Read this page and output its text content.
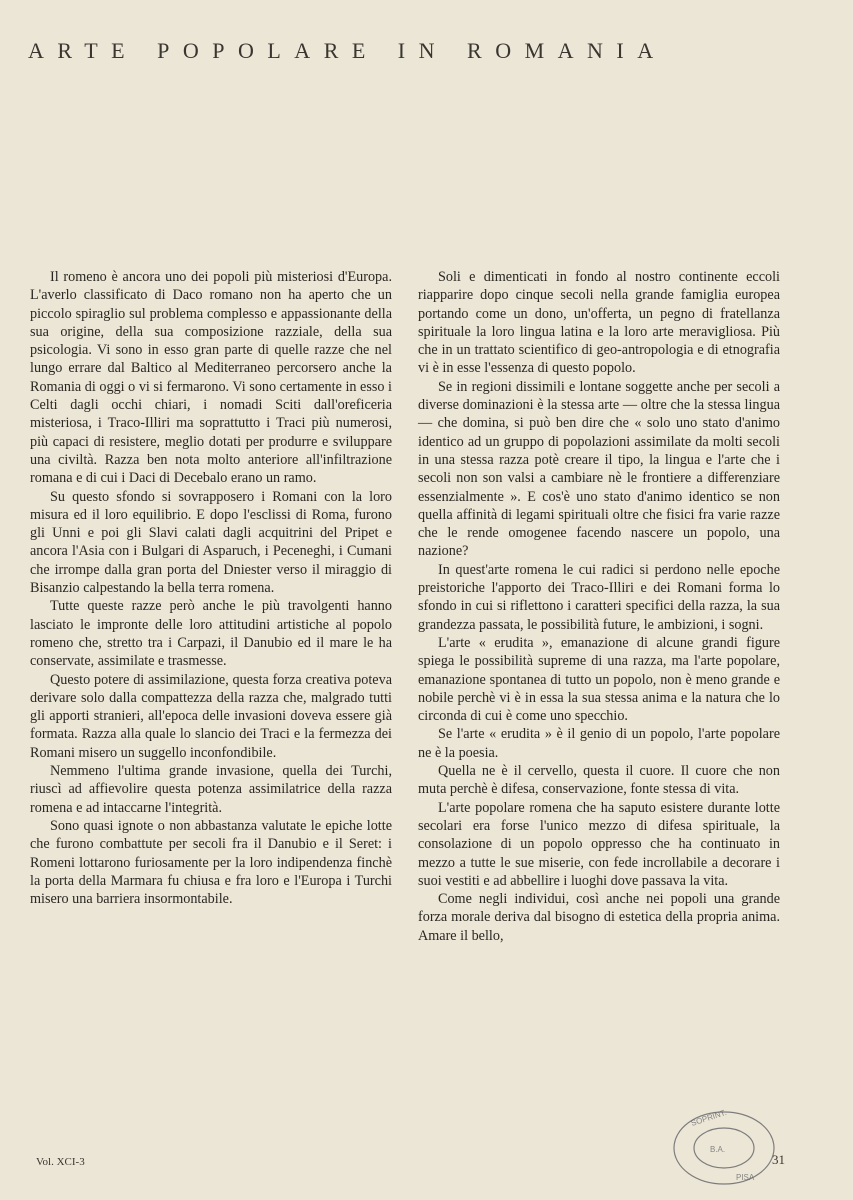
ARTE POPOLARE IN ROMANIA

Il romeno è ancora uno dei popoli più misteriosi d'Europa. L'averlo classificato di Daco romano non ha aperto che un piccolo spiraglio sul problema complesso e appassionante della sua origine, della sua composizione razziale, della sua psicologia. Vi sono in esso gran parte di quelle razze che nel lungo errare dal Baltico al Mediterraneo percorsero anche la Romania di oggi o vi si fermarono. Vi sono certamente in esso i Celti dagli occhi chiari, i nomadi Sciti dall'oreficeria misteriosa, i Traco-Illiri ma soprattutto i Traci più numerosi, più capaci di resistere, meglio dotati per produrre e sviluppare una civiltà. Razza ben nota molto anteriore all'infiltrazione romana e di cui i Daci di Decebalo erano un ramo.

Su questo sfondo si sovrapposero i Romani con la loro misura ed il loro equilibrio. E dopo l'esclissi di Roma, furono gli Unni e poi gli Slavi calati dagli acquitrini del Pripet e ancora l'Asia con i Bulgari di Asparuch, i Peceneghi, i Cumani che irrompe dalla gran porta del Dniester verso il miraggio di Bisanzio calpestando la bella terra romena.

Tutte queste razze però anche le più travolgenti hanno lasciato le impronte delle loro attitudini artistiche al popolo romeno che, stretto tra i Carpazi, il Danubio ed il mare le ha conservate, assimilate e trasmesse.

Questo potere di assimilazione, questa forza creativa poteva derivare solo dalla compattezza della razza che, malgrado tutti gli apporti stranieri, all'epoca delle invasioni doveva essere già formata. Razza alla quale lo slancio dei Traci e la fermezza dei Romani misero un suggello inconfondibile.

Nemmeno l'ultima grande invasione, quella dei Turchi, riuscì ad affievolire questa potenza assimilatrice della razza romena e ad intaccarne l'integrità.

Sono quasi ignote o non abbastanza valutate le epiche lotte che furono combattute per secoli fra il Danubio e il Seret: i Romeni lottarono furiosamente per la loro indipendenza finchè la porta della Marmara fu chiusa e fra loro e l'Europa i Turchi misero una barriera insormontabile.

Soli e dimenticati in fondo al nostro continente eccoli riapparire dopo cinque secoli nella grande famiglia europea portando come un dono, un'offerta, un pegno di fratellanza spirituale la loro lingua latina e la loro arte meravigliosa. Più che in un trattato scientifico di geo-antropologia e di etnografia vi è in esse l'essenza di questo popolo.

Se in regioni dissimili e lontane soggette anche per secoli a diverse dominazioni è la stessa arte — oltre che la stessa lingua — che domina, si può ben dire che « solo uno stato d'animo identico ad un gruppo di popolazioni assimilate da molti secoli in una stessa razza potè creare il tipo, la lingua e l'arte che i secoli non son valsi a cambiare nè le frontiere a differenziare essenzialmente ». E cos'è uno stato d'animo identico se non quella affinità di legami spirituali oltre che fisici fra varie razze che le rende omogenee facendo nascere un popolo, una nazione?

In quest'arte romena le cui radici si perdono nelle epoche preistoriche l'apporto dei Traco-Illiri e dei Romani forma lo sfondo in cui si riflettono i caratteri specifici della razza, la sua grandezza passata, le possibilità future, le ambizioni, i sogni.

L'arte « erudita », emanazione di alcune grandi figure spiega le possibilità supreme di una razza, ma l'arte popolare, emanazione spontanea di tutto un popolo, non è meno grande e nobile perchè vi è in essa la sua stessa anima e la natura che lo circonda di cui è come uno specchio.

Se l'arte « erudita » è il genio di un popolo, l'arte popolare ne è la poesia.

Quella ne è il cervello, questa il cuore. Il cuore che non muta perchè è difesa, conservazione, fonte stessa di vita.

L'arte popolare romena che ha saputo esistere durante lotte secolari era forse l'unico mezzo di difesa spirituale, la consolazione di un popolo oppresso che ha continuato in mezzo a tutte le sue miserie, con fede incrollabile a decorare i suoi vestiti e ad abbellire i luoghi dove passava la vita.

Come negli individui, così anche nei popoli una grande forza morale deriva dal bisogno di estetica della propria anima. Amare il bello,

Vol. XCI-3	31
SOPRINT.
B.A.
PISA
